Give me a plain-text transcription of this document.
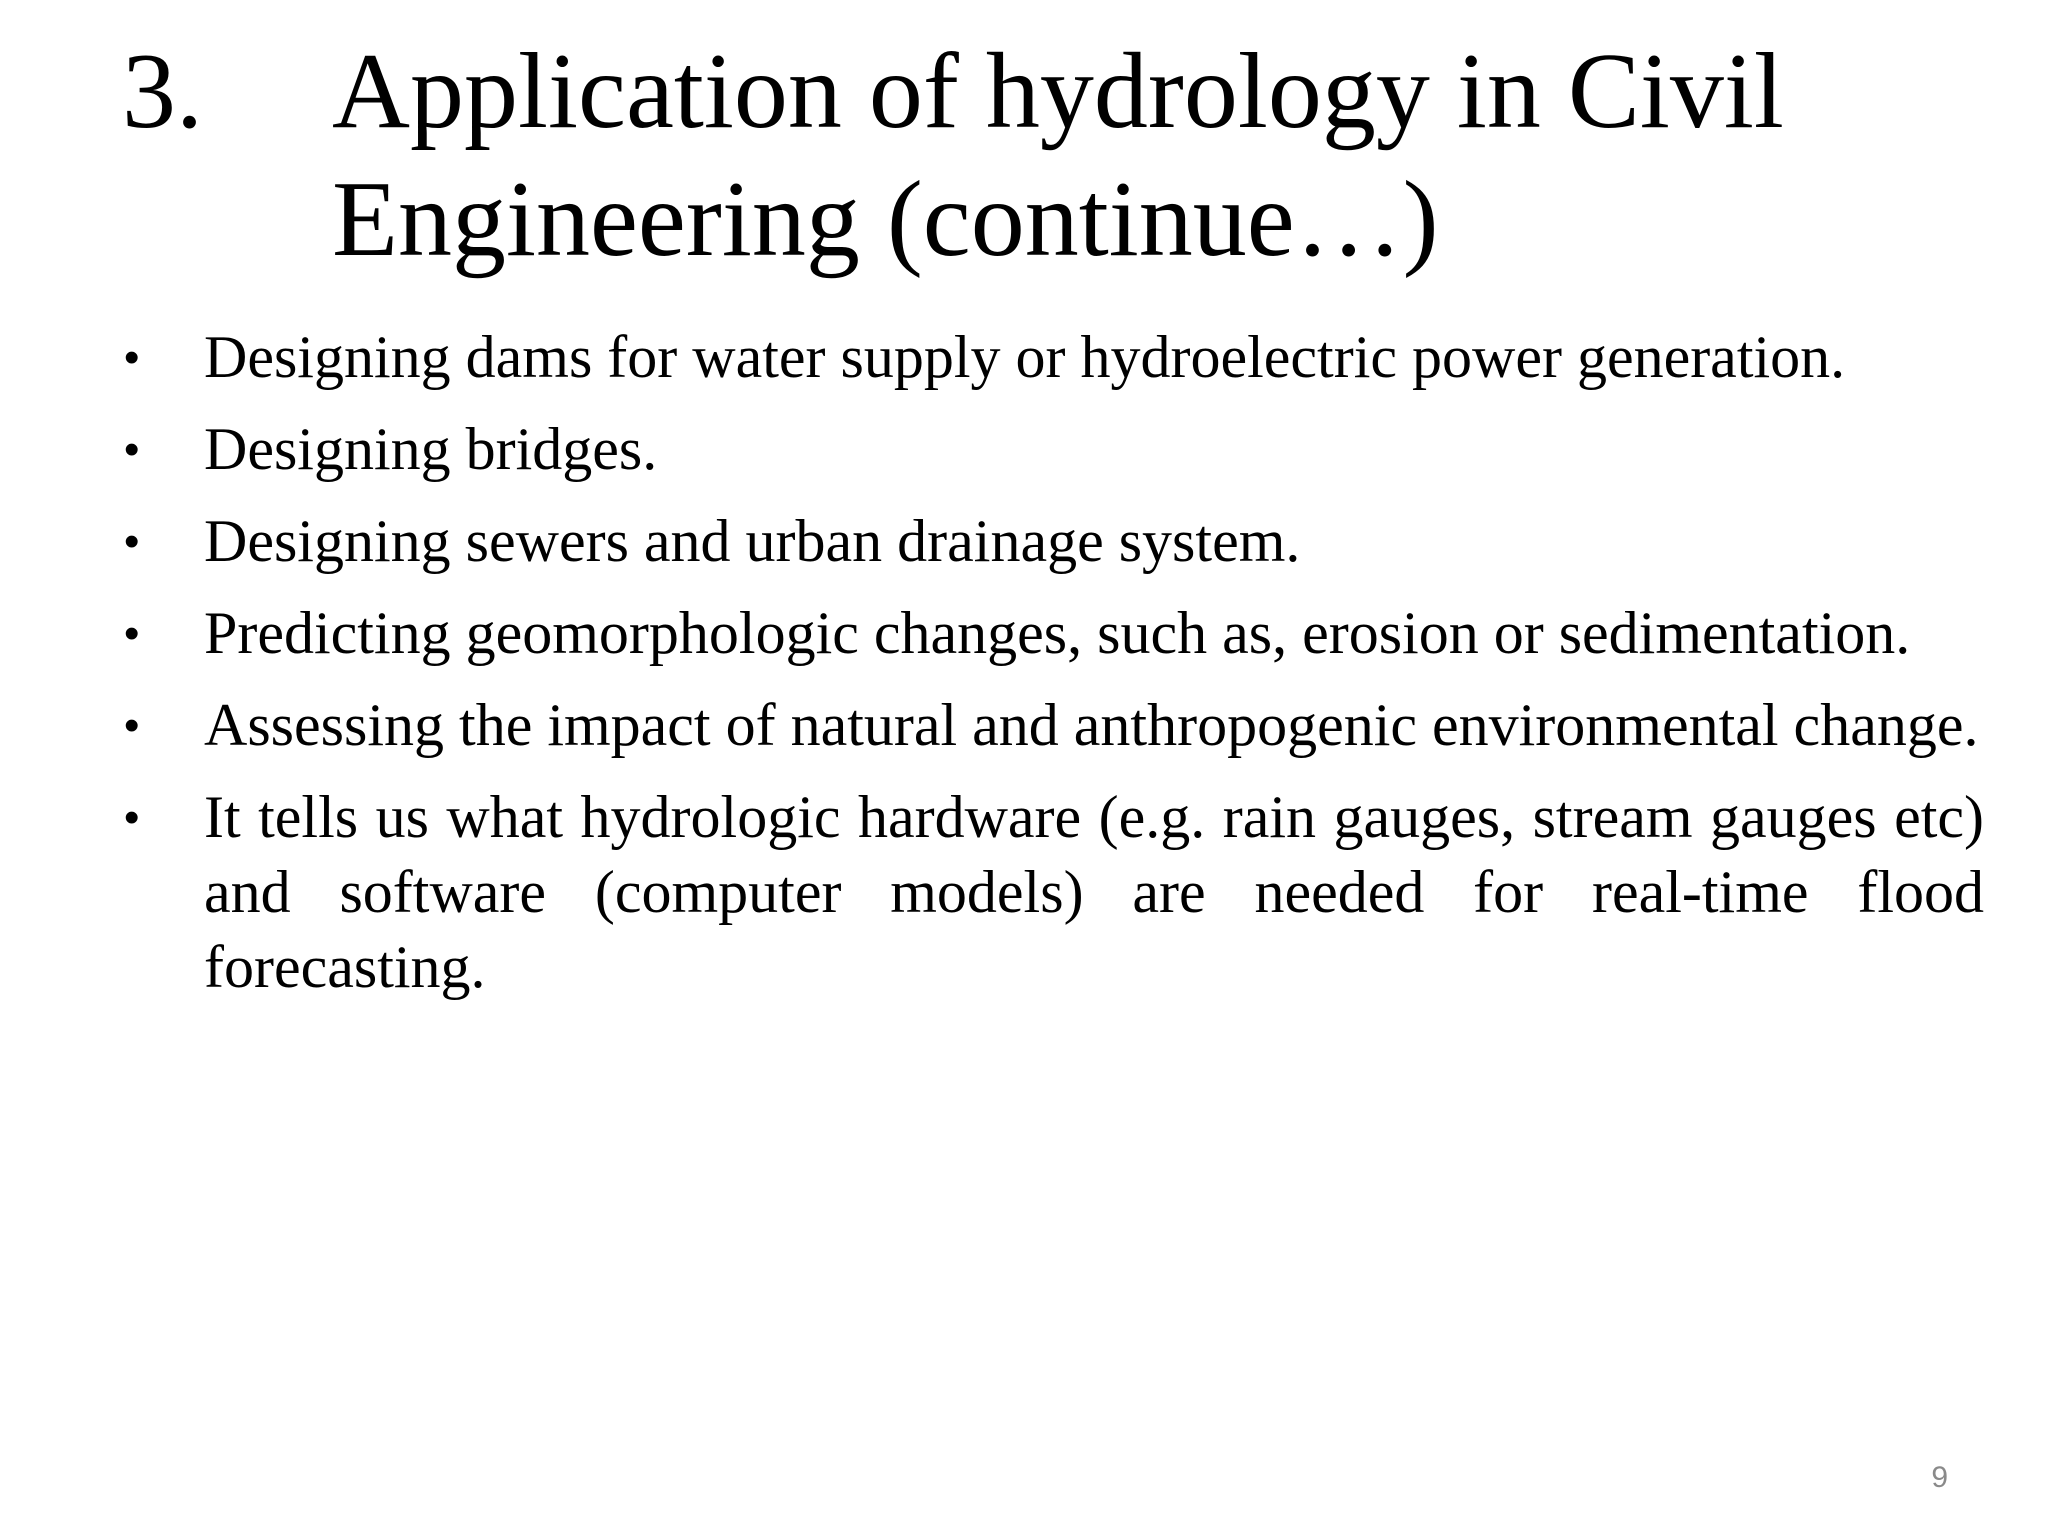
3.	Application of hydrology in Civil Engineering (continue…)
•	Designing dams for water supply or hydroelectric power generation.
•	Designing bridges.
•	Designing sewers and urban drainage system.
•	Predicting geomorphologic changes, such as, erosion or sedimentation.
•	Assessing the impact of natural and anthropogenic environmental change.
•	It tells us what hydrologic hardware (e.g. rain gauges, stream gauges etc) and software (computer models) are needed for real-time flood forecasting.
9
